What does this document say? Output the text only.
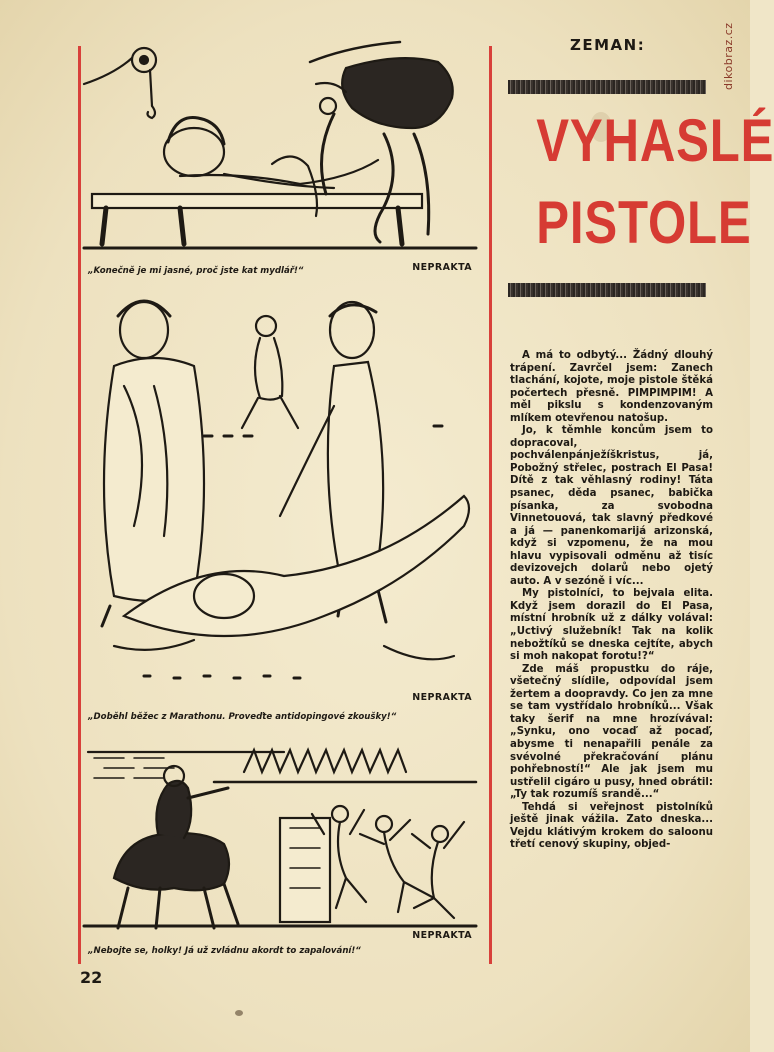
dikobraz.cz
„Konečně je mi jasné, proč jste kat mydlář!“	NEPRAKTA
NEPRAKTA
„Doběhl běžec z Marathonu. Proveďte antidopingové zkoušky!“
NEPRAKTA
„Nebojte se, holky! Já už zvládnu akordt to zapalování!“
ZEMAN:
VYHASLÉ
PISTOLE

A má to odbytý... Žádný dlouhý trápení. Zavrčel jsem: Zanech tlachání, kojote, moje pistole štěká počertech přesně. PIMPIMPIM! A měl pikslu s kondenzovaným mlíkem otevřenou natošup.

Jo, k těmhle koncům jsem to dopracoval, pochválenpánježíškristus, já, Pobožný střelec, postrach El Pasa! Dítě z tak věhlasný rodiny! Táta psanec, děda psanec, babička písanka, za svobodna Vinnetouová, tak slavný předkové a já — panenkomarijá arizonská, když si vzpomenu, že na mou hlavu vypisovali odměnu až tisíc devizovejch dolarů nebo ojetý auto. A v sezóně i víc...

My pistolníci, to bejvala elita. Když jsem dorazil do El Pasa, místní hrobník už z dálky volával: „Uctivý služebník! Tak na kolik nebožtíků se dneska cejtíte, abych si moh nakopat forotu!?“

Zde máš propustku do ráje, všetečný slídile, odpovídal jsem žertem a doopravdy. Co jen za mne se tam vystřídalo hrobníků... Však taky šerif na mne hrozívával: „Synku, ono vocaď až pocaď, abysme ti nenapařili penále za svévolné překračování plánu pohřebností!“ Ale jak jsem mu ustřelil cigáro u pusy, hned obrátil: „Ty tak rozumíš srandě...“

Tehdá si veřejnost pistolníků ještě jinak vážila. Zato dneska... Vejdu klátivým krokem do saloonu třetí cenový skupiny, objed-

22
